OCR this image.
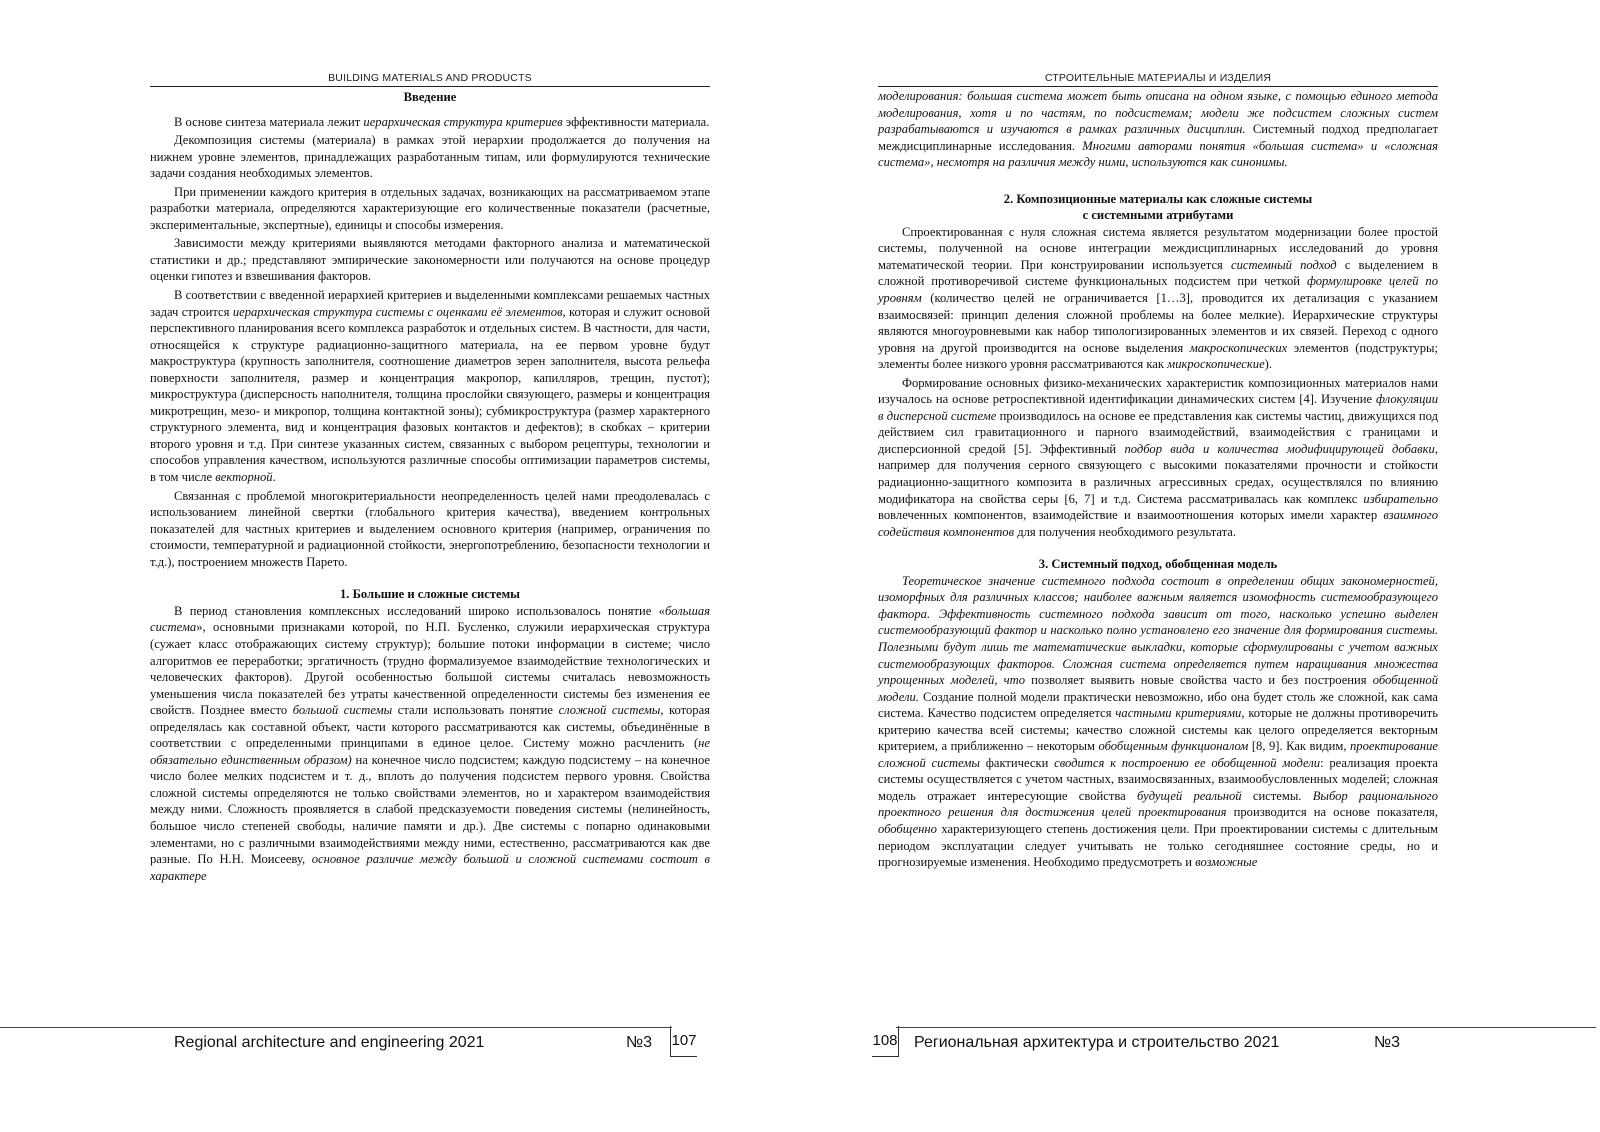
BUILDING MATERIALS AND PRODUCTS

Введение

В основе синтеза материала лежит иерархическая структура критериев эффективности материала.

Декомпозиция системы (материала) в рамках этой иерархии продолжается до получения на нижнем уровне элементов, принадлежащих разработанным типам, или формулируются технические задачи создания необходимых элементов.

При применении каждого критерия в отдельных задачах, возникающих на рассматриваемом этапе разработки материала, определяются характеризующие его количественные показатели (расчетные, экспериментальные, экспертные), единицы и способы измерения.

Зависимости между критериями выявляются методами факторного анализа и математической статистики и др.; представляют эмпирические закономерности или получаются на основе процедур оценки гипотез и взвешивания факторов.

В соответствии с введенной иерархией критериев и выделенными комплексами решаемых частных задач строится иерархическая структура системы с оценками её элементов, которая и служит основой перспективного планирования всего комплекса разработок и отдельных систем. В частности, для части, относящейся к структуре радиационно-защитного материала, на ее первом уровне будут макроструктура (крупность заполнителя, соотношение диаметров зерен заполнителя, высота рельефа поверхности заполнителя, размер и концентрация макропор, капилляров, трещин, пустот); микроструктура (дисперсность наполнителя, толщина прослойки связующего, размеры и концентрация микротрещин, мезо- и микропор, толщина контактной зоны); субмикроструктура (размер характерного структурного элемента, вид и концентрация фазовых контактов и дефектов); в скобках – критерии второго уровня и т.д. При синтезе указанных систем, связанных с выбором рецептуры, технологии и способов управления качеством, используются различные способы оптимизации параметров системы, в том числе векторной.

Связанная с проблемой многокритериальности неопределенность целей нами преодолевалась с использованием линейной свертки (глобального критерия качества), введением контрольных показателей для частных критериев и выделением основного критерия (например, ограничения по стоимости, температурной и радиационной стойкости, энергопотреблению, безопасности технологии и т.д.), построением множеств Парето.

1. Большие и сложные системы

В период становления комплексных исследований широко использовалось понятие «большая система», основными признаками которой, по Н.П. Бусленко, служили иерархическая структура (сужает класс отображающих систему структур); большие потоки информации в системе; число алгоритмов ее переработки; эргатичность (трудно формализуемое взаимодействие технологических и человеческих факторов). Другой особенностью большой системы считалась невозможность уменьшения числа показателей без утраты качественной определенности системы без изменения ее свойств. Позднее вместо большой системы стали использовать понятие сложной системы, которая определялась как составной объект, части которого рассматриваются как системы, объединённые в соответствии с определенными принципами в единое целое. Систему можно расчленить (не обязательно единственным образом) на конечное число подсистем; каждую подсистему – на конечное число более мелких подсистем и т. д., вплоть до получения подсистем первого уровня. Свойства сложной системы определяются не только свойствами элементов, но и характером взаимодействия между ними. Сложность проявляется в слабой предсказуемости поведения системы (нелинейность, большое число степеней свободы, наличие памяти и др.). Две системы с попарно одинаковыми элементами, но с различными взаимодействиями между ними, естественно, рассматриваются как две разные. По Н.Н. Моисееву, основное различие между большой и сложной системами состоит в характере

Regional architecture and engineering 2021	№3 107
СТРОИТЕЛЬНЫЕ МАТЕРИАЛЫ И ИЗДЕЛИЯ

моделирования: большая система может быть описана на одном языке, с помощью единого метода моделирования, хотя и по частям, по подсистемам; модели же подсистем сложных систем разрабатываются и изучаются в рамках различных дисциплин. Системный подход предполагает междисциплинарные исследования. Многими авторами понятия «большая система» и «сложная система», несмотря на различия между ними, используются как синонимы.

2. Композиционные материалы как сложные системы

с системными атрибутами

Спроектированная с нуля сложная система является результатом модернизации более простой системы, полученной на основе интеграции междисциплинарных исследований до уровня математической теории. При конструировании используется системный подход с выделением в сложной противоречивой системе функциональных подсистем при четкой формулировке целей по уровням (количество целей не ограничивается [1…3], проводится их детализация с указанием взаимосвязей: принцип деления сложной проблемы на более мелкие). Иерархические структуры являются многоуровневыми как набор типологизированных элементов и их связей. Переход с одного уровня на другой производится на основе выделения макроскопических элементов (подструктуры; элементы более низкого уровня рассматриваются как микроскопические).

Формирование основных физико-механических характеристик композиционных материалов нами изучалось на основе ретроспективной идентификации динамических систем [4]. Изучение флокуляции в дисперсной системе производилось на основе ее представления как системы частиц, движущихся под действием сил гравитационного и парного взаимодействий, взаимодействия с границами и дисперсионной средой [5]. Эффективный подбор вида и количества модифицирующей добавки, например для получения серного связующего с высокими показателями прочности и стойкости радиационно-защитного композита в различных агрессивных средах, осуществлялся по влиянию модификатора на свойства серы [6, 7] и т.д. Система рассматривалась как комплекс избирательно вовлеченных компонентов, взаимодействие и взаимоотношения которых имели характер взаимного содействия компонентов для получения необходимого результата.

3. Системный подход, обобщенная модель

Теоретическое значение системного подхода состоит в определении общих закономерностей, изоморфных для различных классов; наиболее важным является изомофность системообразующего фактора. Эффективность системного подхода зависит от того, насколько успешно выделен системообразующий фактор и насколько полно установлено его значение для формирования системы. Полезными будут лишь те математические выкладки, которые сформулированы с учетом важных системообразующих факторов. Сложная система определяется путем наращивания множества упрощенных моделей, что позволяет выявить новые свойства часто и без построения обобщенной модели. Создание полной модели практически невозможно, ибо она будет столь же сложной, как сама система. Качество подсистем определяется частными критериями, которые не должны противоречить критерию качества всей системы; качество сложной системы как целого определяется векторным критерием, а приближенно – некоторым обобщенным функционалом [8, 9]. Как видим, проектирование сложной системы фактически сводится к построению ее обобщенной модели: реализация проекта системы осуществляется с учетом частных, взаимосвязанных, взаимообусловленных моделей; сложная модель отражает интересующие свойства будущей реальной системы. Выбор рационального проектного решения для достижения целей проектирования производится на основе показателя, обобщенно характеризующего степень достижения цели. При проектировании системы с длительным периодом эксплуатации следует учитывать не только сегодняшнее состояние среды, но и прогнозируемые изменения. Необходимо предусмотреть и возможные

108 Региональная архитектура и строительство 2021	№3
